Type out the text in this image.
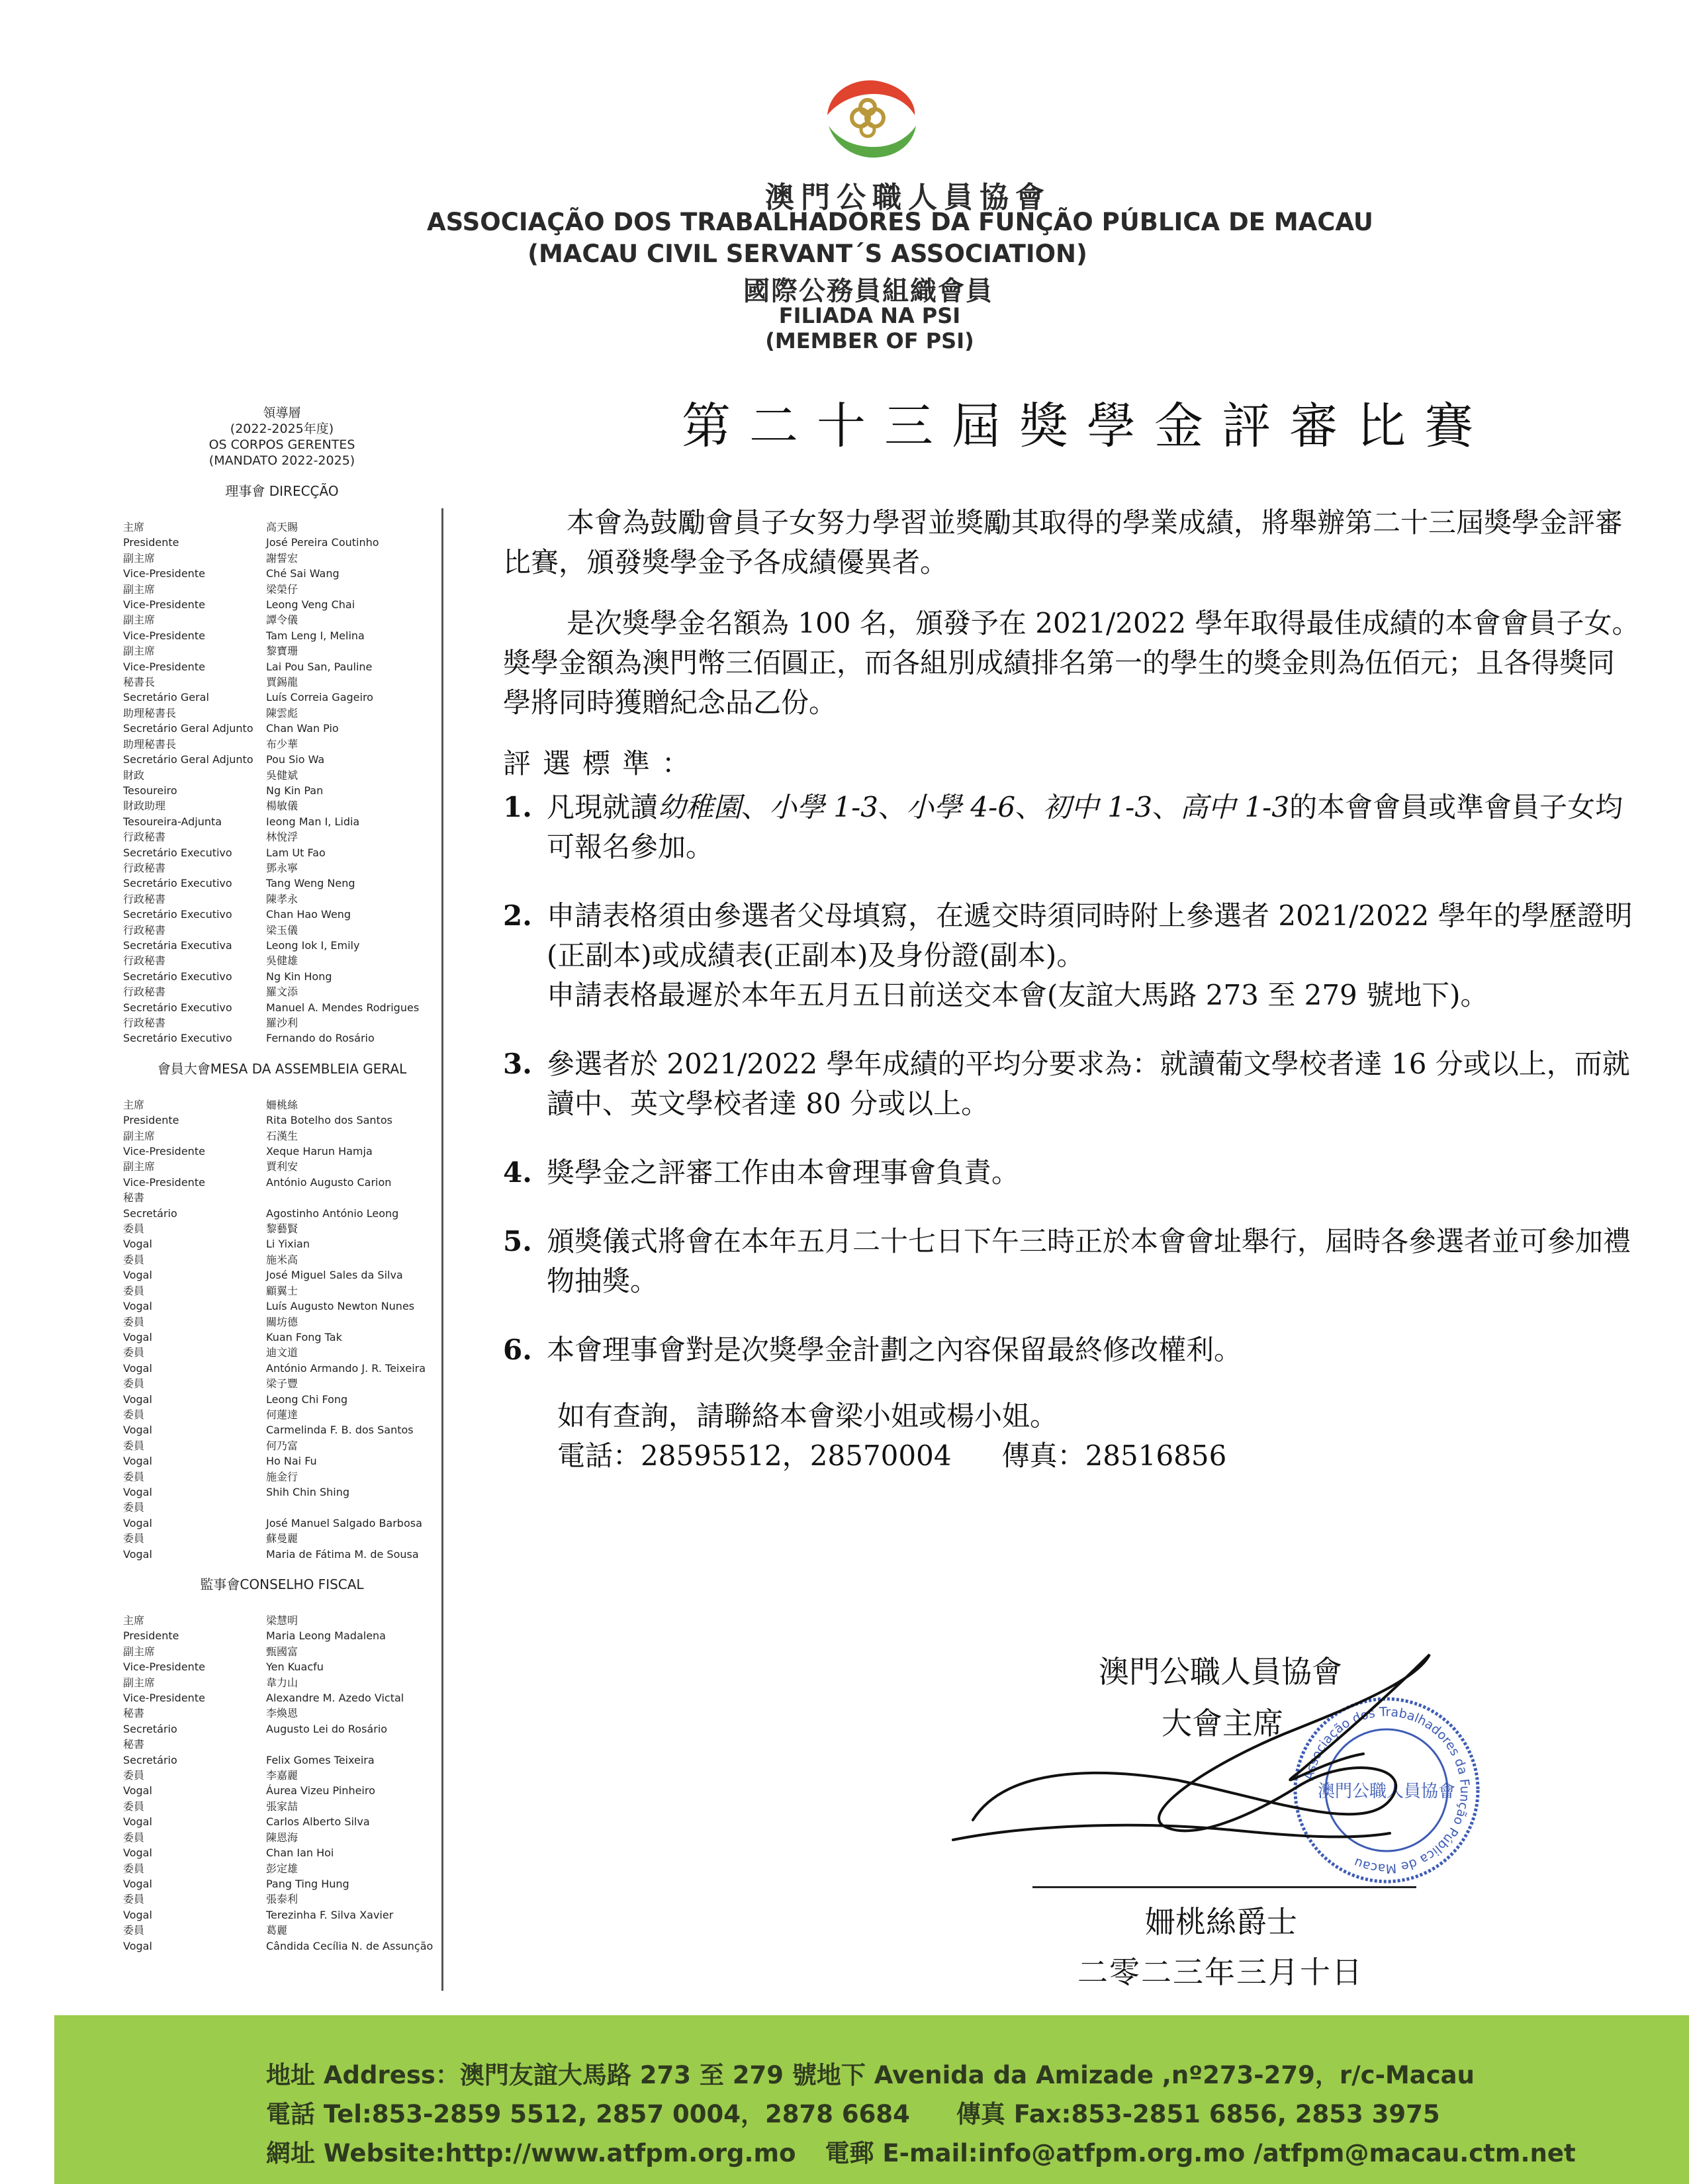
澳門公職人員協會
ASSOCIAÇÃO DOS TRABALHADORES DA FUNÇÃO PÚBLICA DE MACAU
(MACAU CIVIL SERVANT´S ASSOCIATION)
國際公務員組織會員
FILIADA NA PSI
(MEMBER OF PSI)
第二十三屆獎學金評審比賽
領導層
(2022-2025年度)
OS CORPOS GERENTES
(MANDATO 2022-2025)
理事會 DIRECÇÃO
主席	高天賜
Presidente	José Pereira Coutinho
副主席	謝誓宏
Vice-Presidente	Ché Sai Wang
副主席	梁榮仔
Vice-Presidente	Leong Veng Chai
副主席	譚令儀
Vice-Presidente	Tam Leng I, Melina
副主席	黎寶珊
Vice-Presidente	Lai Pou San, Pauline
秘書長	賈錫龍
Secretário Geral	Luís Correia Gageiro
助理秘書長	陳雲彪
Secretário Geral Adjunto	Chan Wan Pio
助理秘書長	布少華
Secretário Geral Adjunto	Pou Sio Wa
財政	吳健斌
Tesoureiro	Ng Kin Pan
財政助理	楊敏儀
Tesoureira-Adjunta	Ieong Man I, Lidia
行政秘書	林悅浮
Secretário Executivo	Lam Ut Fao
行政秘書	鄧永寧
Secretário Executivo	Tang Weng Neng
行政秘書	陳孝永
Secretário Executivo	Chan Hao Weng
行政秘書	梁玉儀
Secretária Executiva	Leong Iok I, Emily
行政秘書	吳健雄
Secretário Executivo	Ng Kin Hong
行政秘書	羅文添
Secretário Executivo	Manuel A. Mendes Rodrigues
行政秘書	羅沙利
Secretário Executivo	Fernando do Rosário
會員大會MESA DA ASSEMBLEIA GERAL
主席	姍桃絲
Presidente	Rita Botelho dos Santos
副主席	石漢生
Vice-Presidente	Xeque Harun Hamja
副主席	賈利安
Vice-Presidente	António Augusto Carion
秘書
Secretário	Agostinho António Leong
委員	黎藝賢
Vogal	Li Yixian
委員	施米高
Vogal	José Miguel Sales da Silva
委員	顧翼士
Vogal	Luís Augusto Newton Nunes
委員	關坊德
Vogal	Kuan Fong Tak
委員	迪文道
Vogal	António Armando J. R. Teixeira
委員	梁子豐
Vogal	Leong Chi Fong
委員	何蓮達
Vogal	Carmelinda F. B. dos Santos
委員	何乃富
Vogal	Ho Nai Fu
委員	施金行
Vogal	Shih Chin Shing
委員
Vogal	José Manuel Salgado Barbosa
委員	蘇曼麗
Vogal	Maria de Fátima M. de Sousa
監事會CONSELHO FISCAL
主席	梁慧明
Presidente	Maria Leong Madalena
副主席	甄國富
Vice-Presidente	Yen Kuacfu
副主席	韋力山
Vice-Presidente	Alexandre M. Azedo Victal
秘書	李煥恩
Secretário	Augusto Lei do Rosário
秘書
Secretário	Felix Gomes Teixeira
委員	李嘉麗
Vogal	Áurea Vizeu Pinheiro
委員	張家喆
Vogal	Carlos Alberto Silva
委員	陳恩海
Vogal	Chan Ian Hoi
委員	彭定雄
Vogal	Pang Ting Hung
委員	張泰利
Vogal	Terezinha F. Silva Xavier
委員	葛麗
Vogal	Cândida Cecília N. de Assunção

本會為鼓勵會員子女努力學習並獎勵其取得的學業成績，將舉辦第二十三屆獎學金評審比賽，頒發獎學金予各成績優異者。

是次獎學金名額為 100 名，頒發予在 2021/2022 學年取得最佳成績的本會會員子女。獎學金額為澳門幣三佰圓正，而各組別成績排名第一的學生的獎金則為伍佰元；且各得獎同學將同時獲贈紀念品乙份。

評選標準：
1. 凡現就讀幼稚園、小學 1-3、小學 4-6、初中 1-3、高中 1-3的本會會員或準會員子女均可報名參加。
2. 申請表格須由參選者父母填寫，在遞交時須同時附上參選者 2021/2022 學年的學歷證明(正副本)或成績表(正副本)及身份證(副本)。
申請表格最遲於本年五月五日前送交本會(友誼大馬路 273 至 279 號地下)。
3. 參選者於 2021/2022 學年成績的平均分要求為：就讀葡文學校者達 16 分或以上，而就讀中、英文學校者達 80 分或以上。
4. 獎學金之評審工作由本會理事會負責。
5. 頒獎儀式將會在本年五月二十七日下午三時正於本會會址舉行，屆時各參選者並可參加禮物抽獎。
6. 本會理事會對是次獎學金計劃之內容保留最終修改權利。
如有查詢，請聯絡本會梁小姐或楊小姐。
電話：28595512，28570004 傳真：28516856
澳門公職人員協會
大會主席
Associação dos Trabalhadores da Função Pública de Macau
澳門公職人員協會
姍桃絲爵士
二零二三年三月十日
地址 Address：澳門友誼大馬路 273 至 279 號地下 Avenida da Amizade ,nº273-279，r/c-Macau
電話 Tel:853-2859 5512, 2857 0004，2878 6684 傳真 Fax:853-2851 6856, 2853 3975
網址 Website:http://www.atfpm.org.mo 電郵 E-mail:info@atfpm.org.mo /atfpm@macau.ctm.net
